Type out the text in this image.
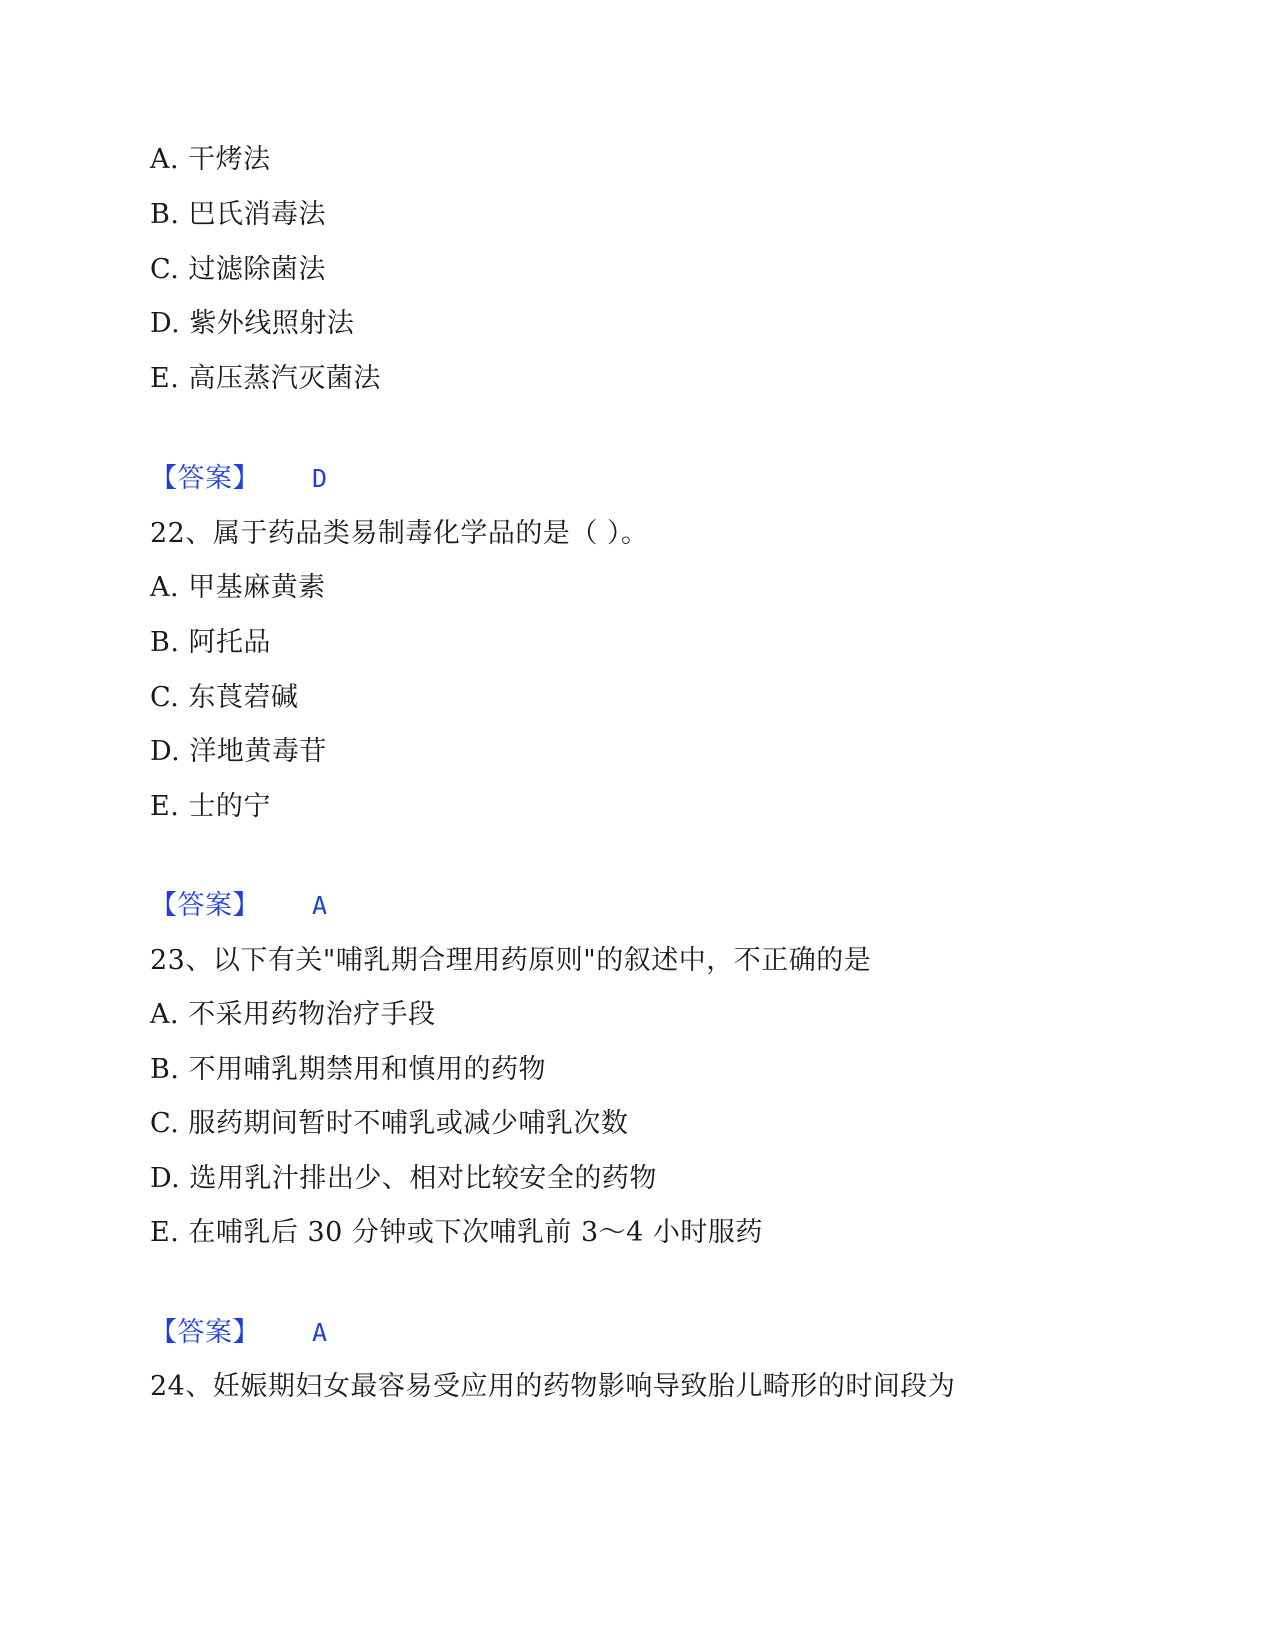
A. 干烤法
B. 巴氏消毒法
C. 过滤除菌法
D. 紫外线照射法
E. 高压蒸汽灭菌法
【答案】 D
22、属于药品类易制毒化学品的是（ ）。
A. 甲基麻黄素
B. 阿托品
C. 东莨菪碱
D. 洋地黄毒苷
E. 士的宁
【答案】 A
23、以下有关"哺乳期合理用药原则"的叙述中，不正确的是
A. 不采用药物治疗手段
B. 不用哺乳期禁用和慎用的药物
C. 服药期间暂时不哺乳或减少哺乳次数
D. 选用乳汁排出少、相对比较安全的药物
E. 在哺乳后 30 分钟或下次哺乳前 3～4 小时服药
【答案】 A
24、妊娠期妇女最容易受应用的药物影响导致胎儿畸形的时间段为
